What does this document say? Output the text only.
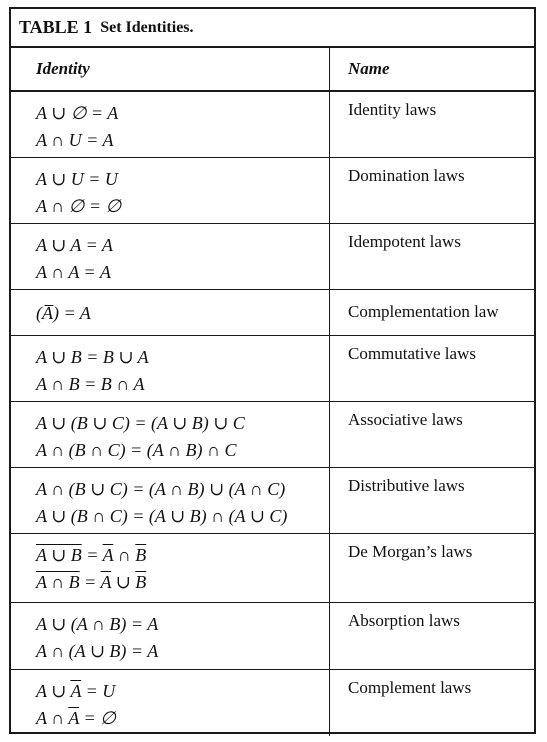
TABLE 1 Set Identities.
Identity	Name
A ∪ ∅ = A
A ∩ U = A
Identity laws
A ∪ U = U
A ∩ ∅ = ∅
Domination laws
A ∪ A = A
A ∩ A = A
Idempotent laws
(A̅) = A	Complementation law
A ∪ B = B ∪ A
A ∩ B = B ∩ A
Commutative laws
A ∪ (B ∪ C) = (A ∪ B) ∪ C
A ∩ (B ∩ C) = (A ∩ B) ∩ C
Associative laws
A ∩ (B ∪ C) = (A ∩ B) ∪ (A ∩ C)
A ∪ (B ∩ C) = (A ∪ B) ∩ (A ∪ C)
Distributive laws
A ∪ $B = \overline{A}$ ∩ $\overline{B}$
A ∩ $B = \overline{A}$ ∪ $\overline{B}$
De Morgan’s laws
A ∪ (A ∩ B) = A
A ∩ (A ∪ B) = A
Absorption laws
A ∪ $\overline{A} = U$
A ∩ $\overline{A}$ = ∅
Complement laws
